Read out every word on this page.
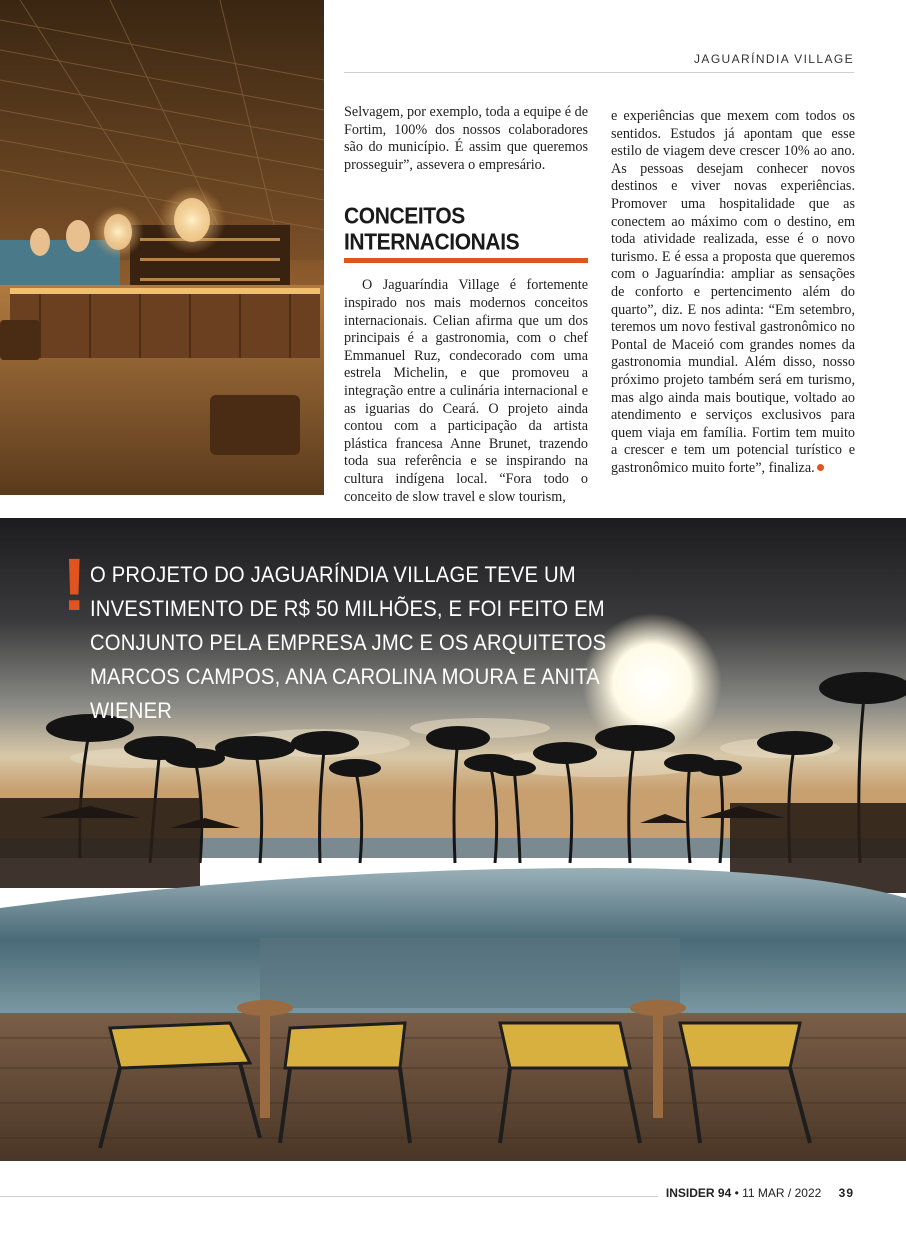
JAGUARÍNDIA VILLAGE

Selvagem, por exemplo, toda a equipe é de Fortim, 100% dos nossos colaboradores são do município. É assim que queremos prosseguir”, assevera o empresário.

CONCEITOS INTERNACIONAIS

O Jaguaríndia Village é fortemente inspirado nos mais modernos conceitos internacionais. Celian afirma que um dos principais é a gastronomia, com o chef Emmanuel Ruz, condecorado com uma estrela Michelin, e que promoveu a integração entre a culinária internacional e as iguarias do Ceará. O projeto ainda contou com a participação da artista plástica francesa Anne Brunet, trazendo toda sua referência e se inspirando na cultura indígena local. “Fora todo o conceito de slow travel e slow tourism,

e experiências que mexem com todos os sentidos. Estudos já apontam que esse estilo de viagem deve crescer 10% ao ano. As pessoas desejam conhecer novos destinos e viver novas experiências. Promover uma hospitalidade que as conectem ao máximo com o destino, em toda atividade realizada, esse é o novo turismo. E é essa a proposta que queremos com o Jaguaríndia: ampliar as sensações de conforto e pertencimento além do quarto”, diz. E nos adinta: “Em setembro, teremos um novo festival gastronômico no Pontal de Maceió com grandes nomes da gastronomia mundial. Além disso, nosso próximo projeto também será em turismo, mas algo ainda mais boutique, voltado ao atendimento e serviços exclusivos para quem viaja em família. Fortim tem muito a crescer e tem um potencial turístico e gastronômico muito forte”, finaliza.

! O PROJETO DO JAGUARÍNDIA VILLAGE TEVE UM INVESTIMENTO DE R$ 50 MILHÕES, E FOI FEITO EM CONJUNTO PELA EMPRESA JMC E OS ARQUITETOS MARCOS CAMPOS, ANA CAROLINA MOURA E ANITA WIENER
INSIDER 94 • 11 MAR / 2022 39
